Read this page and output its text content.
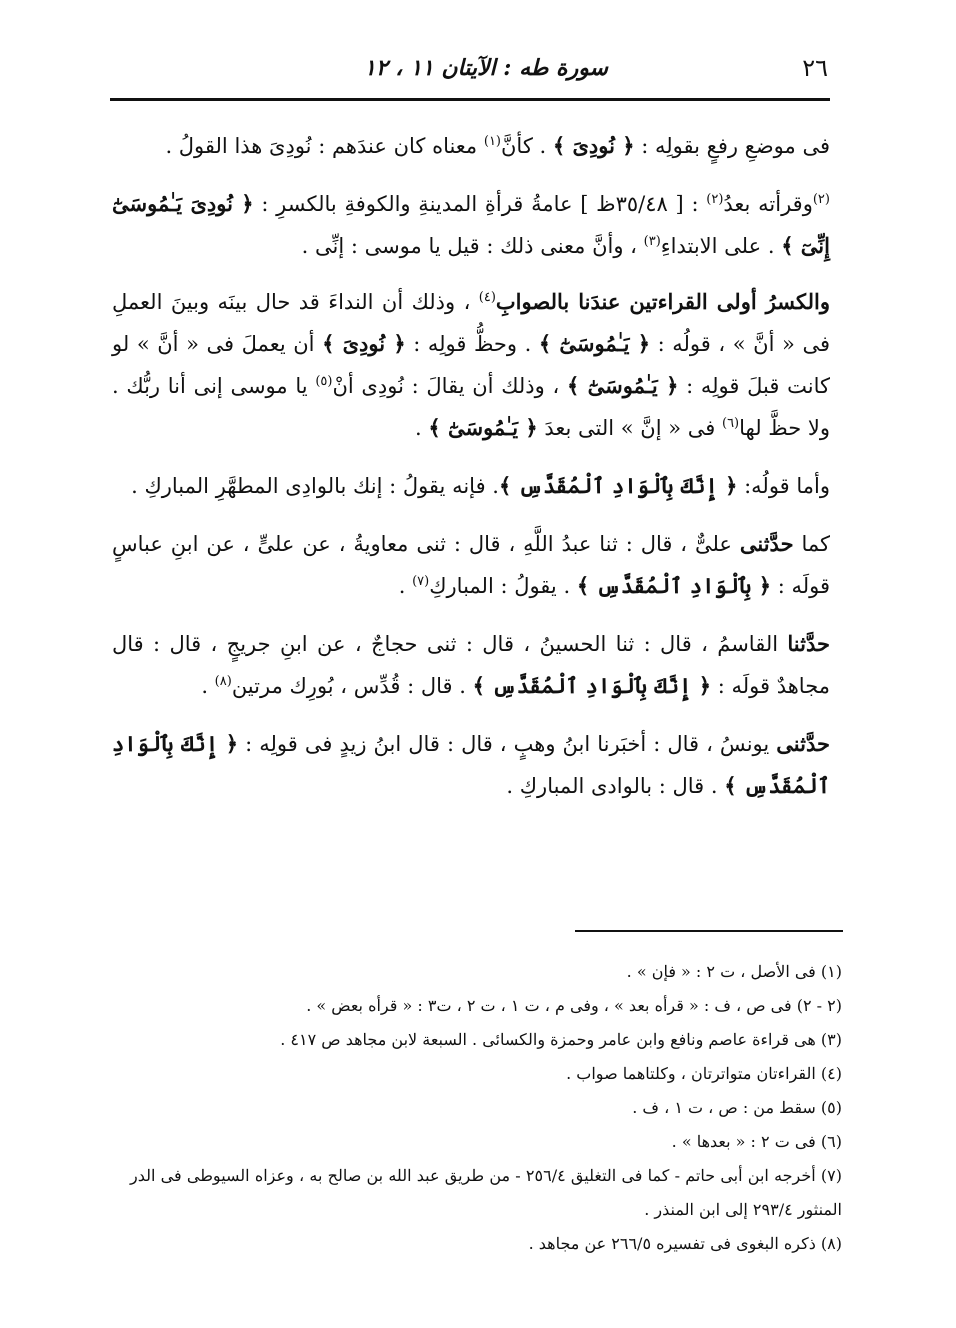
٢٦
سورة طه : الآيتان ١١ ، ١٢

فى موضعِ رفعٍ بقولِه : ﴿ نُودِىَ ﴾ . كأنَّ$^{(١)}$ معناه كان عندَهم : نُودِىَ هذا القولُ .

$^{(٢)}$وقرأته بعدُ$^{(٢)}$ : [ ٣٥/٤٨ظ ] عامةُ قرأةِ المدينةِ والكوفةِ بالكسرِ : ﴿ نُودِىَ يَـٰمُوسَىٰٓ إِنِّىٓ ﴾ . على الابتداءِ$^{(٣)}$ ، وأنَّ معنى ذلك : قيل يا موسى : إنِّى .

والكسرُ أولى القراءتين عندَنا بالصوابِ$^{(٤)}$ ، وذلك أن النداءَ قد حال بينَه وبينَ العملِ فى « أنَّ » ، قولُه : ﴿ يَـٰمُوسَىٰٓ ﴾ . وحظُّ قولِه : ﴿ نُودِىَ ﴾ أن يعملَ فى « أنَّ » لو كانت قبلَ قولِه : ﴿ يَـٰمُوسَىٰٓ ﴾ ، وذلك أن يقالَ : نُودِى أنْ$^{(٥)}$ يا موسى إنى أنا ربُّك . ولا حظَّ لها$^{(٦)}$ فى « إنَّ » التى بعدَ ﴿ يَـٰمُوسَىٰٓ ﴾ .

وأما قولُه: ﴿ إِنَّكَ بِٱلْوَادِ ٱلْمُقَدَّسِ ﴾. فإنه يقولُ : إنك بالوادِى المطهَّرِ المباركِ .

كما حدَّثنى علىٌّ ، قال : ثنا عبدُ اللَّهِ ، قال : ثنى معاويةُ ، عن علىٍّ ، عن ابنِ عباسٍ قولَه : ﴿ بِٱلْوَادِ ٱلْمُقَدَّسِ ﴾ . يقولُ : المباركِ$^{(٧)}$ .

حدَّثنا القاسمُ ، قال : ثنا الحسينُ ، قال : ثنى حجاجٌ ، عن ابنِ جريجٍ ، قال : قال مجاهدٌ قولَه : ﴿ إِنَّكَ بِٱلْوَادِ ٱلْمُقَدَّسِ ﴾ . قال : قُدِّس ، بُورِك مرتين$^{(٨)}$ .

حدَّثنى يونسُ ، قال : أخبَرنا ابنُ وهبٍ ، قال : قال ابنُ زيدٍ فى قولِه : ﴿ إِنَّكَ بِٱلْوَادِ ٱلْمُقَدَّسِ ﴾ . قال : بالوادى المباركِ .

(١) فى الأصل ، ت ٢ : « فإن » .

(٢ - ٢) فى ص ، ف : « قرأه بعد » ، وفى م ، ت ١ ، ت ٢ ، ت٣ : « قرأه بعض » .

(٣) هى قراءة عاصم ونافع وابن عامر وحمزة والكسائى . السبعة لابن مجاهد ص ٤١٧ .

(٤) القراءتان متواترتان ، وكلتاهما صواب .

(٥) سقط من : ص ، ت ١ ، ف .

(٦) فى ت ٢ : « بعدها » .

(٧) أخرجه ابن أبى حاتم - كما فى التغليق ٢٥٦/٤ - من طريق عبد الله بن صالح به ، وعزاه السيوطى فى الدر المنثور ٢٩٣/٤ إلى ابن المنذر .

(٨) ذكره البغوى فى تفسيره ٢٦٦/٥ عن مجاهد .
